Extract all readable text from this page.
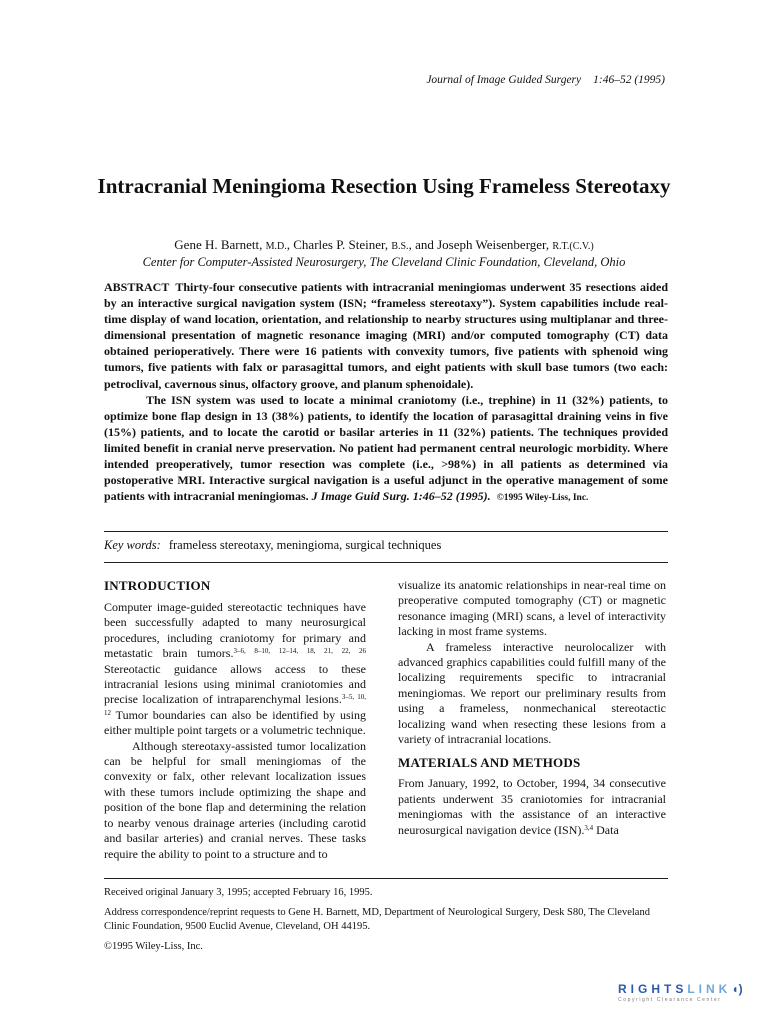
Journal of Image Guided Surgery 1:46–52 (1995)
Intracranial Meningioma Resection Using Frameless Stereotaxy
Gene H. Barnett, M.D., Charles P. Steiner, B.S., and Joseph Weisenberger, R.T.(C.V.)
Center for Computer-Assisted Neurosurgery, The Cleveland Clinic Foundation, Cleveland, Ohio

ABSTRACT Thirty-four consecutive patients with intracranial meningiomas underwent 35 resections aided by an interactive surgical navigation system (ISN; “frameless stereotaxy”). System capabilities include real-time display of wand location, orientation, and relationship to nearby structures using multiplanar and three-dimensional presentation of magnetic resonance imaging (MRI) and/or computed tomography (CT) data obtained perioperatively. There were 16 patients with convexity tumors, five patients with sphenoid wing tumors, five patients with falx or parasagittal tumors, and eight patients with skull base tumors (two each: petroclival, cavernous sinus, olfactory groove, and planum sphenoidale).

The ISN system was used to locate a minimal craniotomy (i.e., trephine) in 11 (32%) patients, to optimize bone flap design in 13 (38%) patients, to identify the location of parasagittal draining veins in five (15%) patients, and to locate the carotid or basilar arteries in 11 (32%) patients. The techniques provided limited benefit in cranial nerve preservation. No patient had permanent central neurologic morbidity. Where intended preoperatively, tumor resection was complete (i.e., >98%) in all patients as determined via postoperative MRI. Interactive surgical navigation is a useful adjunct in the operative management of some patients with intracranial meningiomas. J Image Guid Surg. 1:46–52 (1995). ©1995 Wiley-Liss, Inc.

Key words: frameless stereotaxy, meningioma, surgical techniques
INTRODUCTION

Computer image-guided stereotactic techniques have been successfully adapted to many neurosurgical procedures, including craniotomy for primary and metastatic brain tumors.$^{3-6, 8-10, 12-14, 18, 21, 22, 26}$ Stereotactic guidance allows access to these intracranial lesions using minimal craniotomies and precise localization of intraparenchymal lesions.$^{3-5, 10, 12}$ Tumor boundaries can also be identified by using either multiple point targets or a volumetric technique.

Although stereotaxy-assisted tumor localization can be helpful for small meningiomas of the convexity or falx, other relevant localization issues with these tumors include optimizing the shape and position of the bone flap and determining the relation to nearby venous drainage arteries (including carotid and basilar arteries) and cranial nerves. These tasks require the ability to point to a structure and to

visualize its anatomic relationships in near-real time on preoperative computed tomography (CT) or magnetic resonance imaging (MRI) scans, a level of interactivity lacking in most frame systems.

A frameless interactive neurolocalizer with advanced graphics capabilities could fulfill many of the localizing requirements specific to intracranial meningiomas. We report our preliminary results from using a frameless, nonmechanical stereotactic localizing wand when resecting these lesions from a variety of intracranial locations.

MATERIALS AND METHODS

From January, 1992, to October, 1994, 34 consecutive patients underwent 35 craniotomies for intracranial meningiomas with the assistance of an interactive neurosurgical navigation device (ISN).$^{3,4}$ Data

Received original January 3, 1995; accepted February 16, 1995.

Address correspondence/reprint requests to Gene H. Barnett, MD, Department of Neurological Surgery, Desk S80, The Cleveland Clinic Foundation, 9500 Euclid Avenue, Cleveland, OH 44195.

©1995 Wiley-Liss, Inc.

RIGHTSLINK◖)
Copyright Clearance Center
